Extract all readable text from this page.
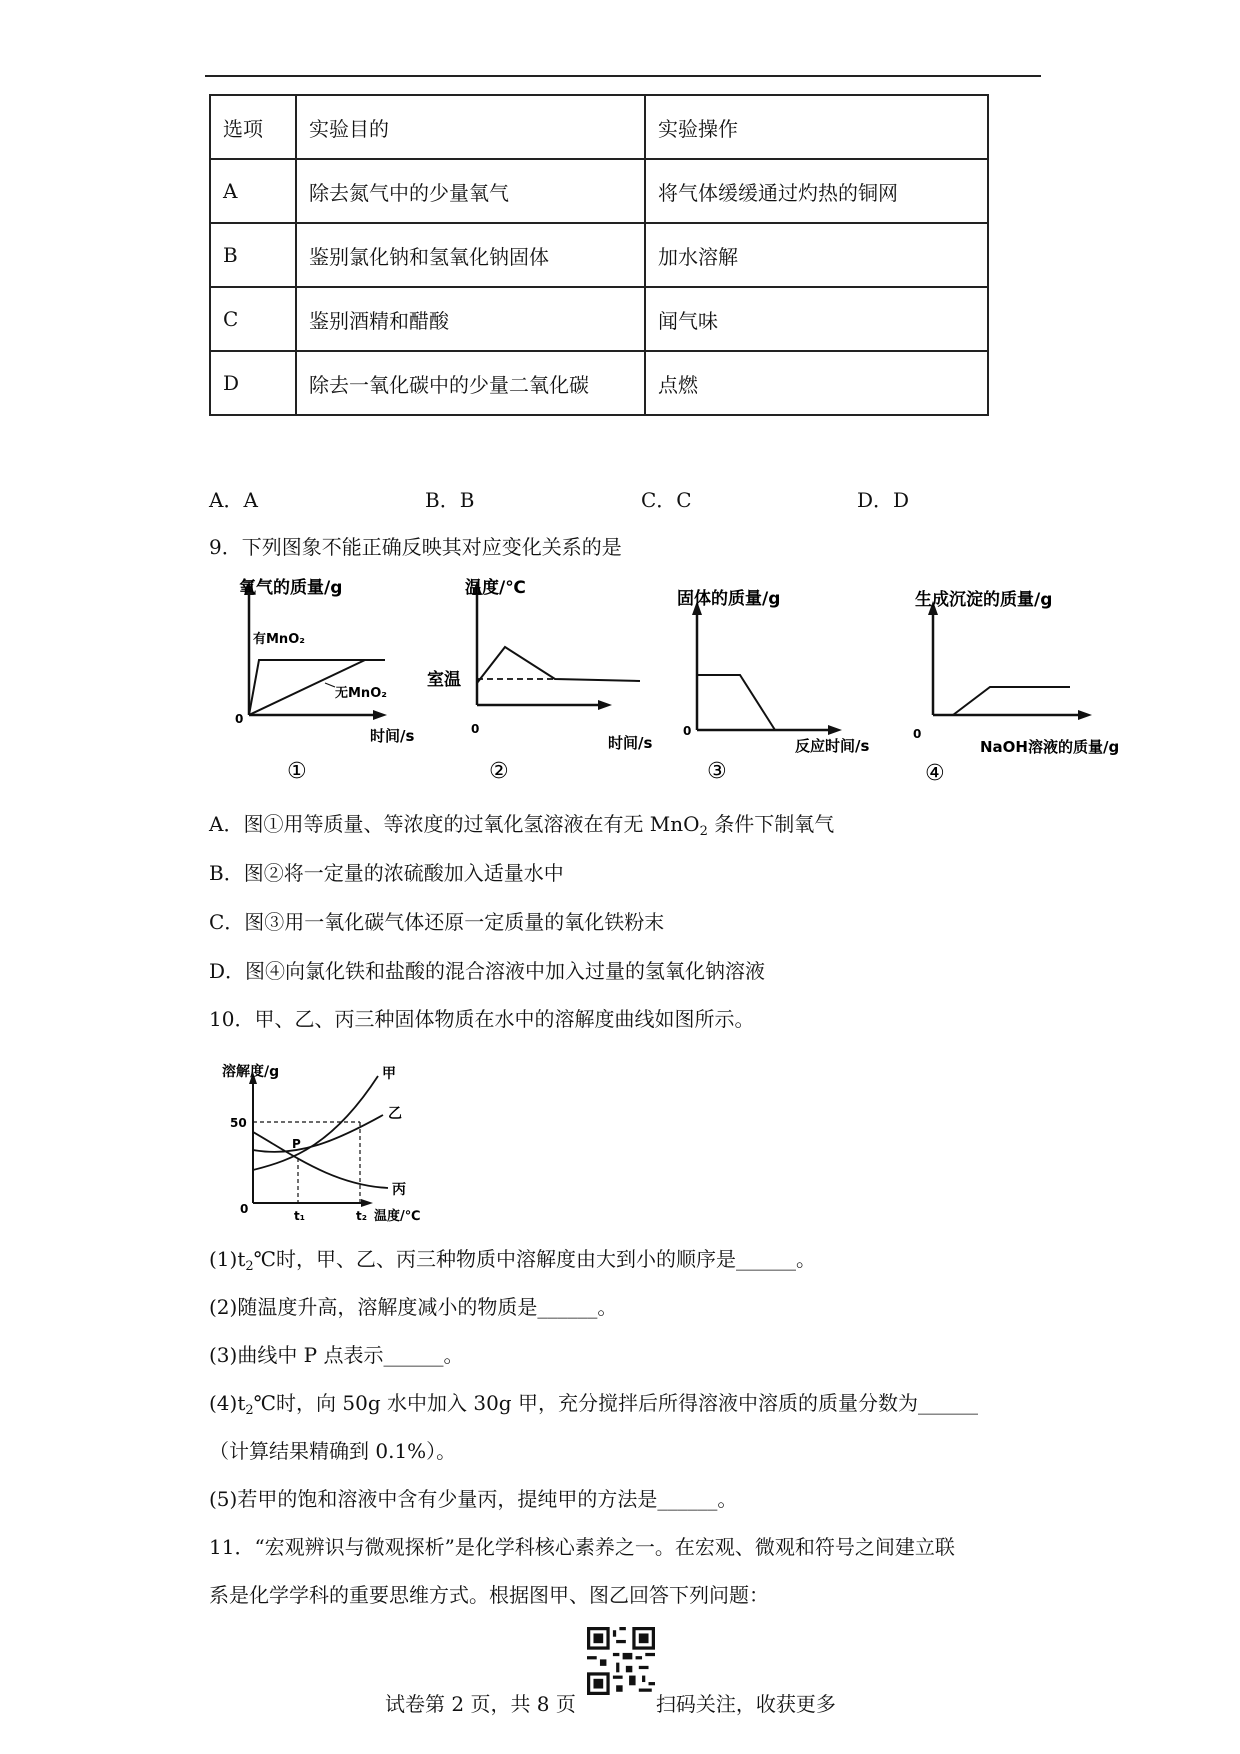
选项	实验目的	实验操作
A	除去氮气中的少量氧气	将气体缓缓通过灼热的铜网
B	鉴别氯化钠和氢氧化钠固体	加水溶解
C	鉴别酒精和醋酸	闻气味
D	除去一氧化碳中的少量二氧化碳	点燃
A．A	B．B	C．C	D．D
9．下列图象不能正确反映其对应变化关系的是
氧气的质量/g
有MnO₂
无MnO₂
0
时间/s
①
温度/℃
室温
0
时间/s
②
固体的质量/g
0
反应时间/s
③
生成沉淀的质量/g
0
NaOH溶液的质量/g
④
A．图①用等质量、等浓度的过氧化氢溶液在有无 MnO$_2$ 条件下制氧气
B．图②将一定量的浓硫酸加入适量水中
C．图③用一氧化碳气体还原一定质量的氧化铁粉末
D．图④向氯化铁和盐酸的混合溶液中加入过量的氢氧化钠溶液
10．甲、乙、丙三种固体物质在水中的溶解度曲线如图所示。
溶解度/g
50
0
P
t₁	t₂ 温度/℃
甲
乙
丙
$(1)t_2℃$时，甲、乙、丙三种物质中溶解度由大到小的顺序是______。
(2)随温度升高，溶解度减小的物质是______。
(3)曲线中 P 点表示______。
$(4)t_2℃$时，向 50g 水中加入 30g 甲，充分搅拌后所得溶液中溶质的质量分数为______
（计算结果精确到 0.1%）。
(5)若甲的饱和溶液中含有少量丙，提纯甲的方法是______。
11．“宏观辨识与微观探析”是化学科核心素养之一。在宏观、微观和符号之间建立联
系是化学学科的重要思维方式。根据图甲、图乙回答下列问题：
试卷第 2 页，共 8 页	扫码关注，收获更多
